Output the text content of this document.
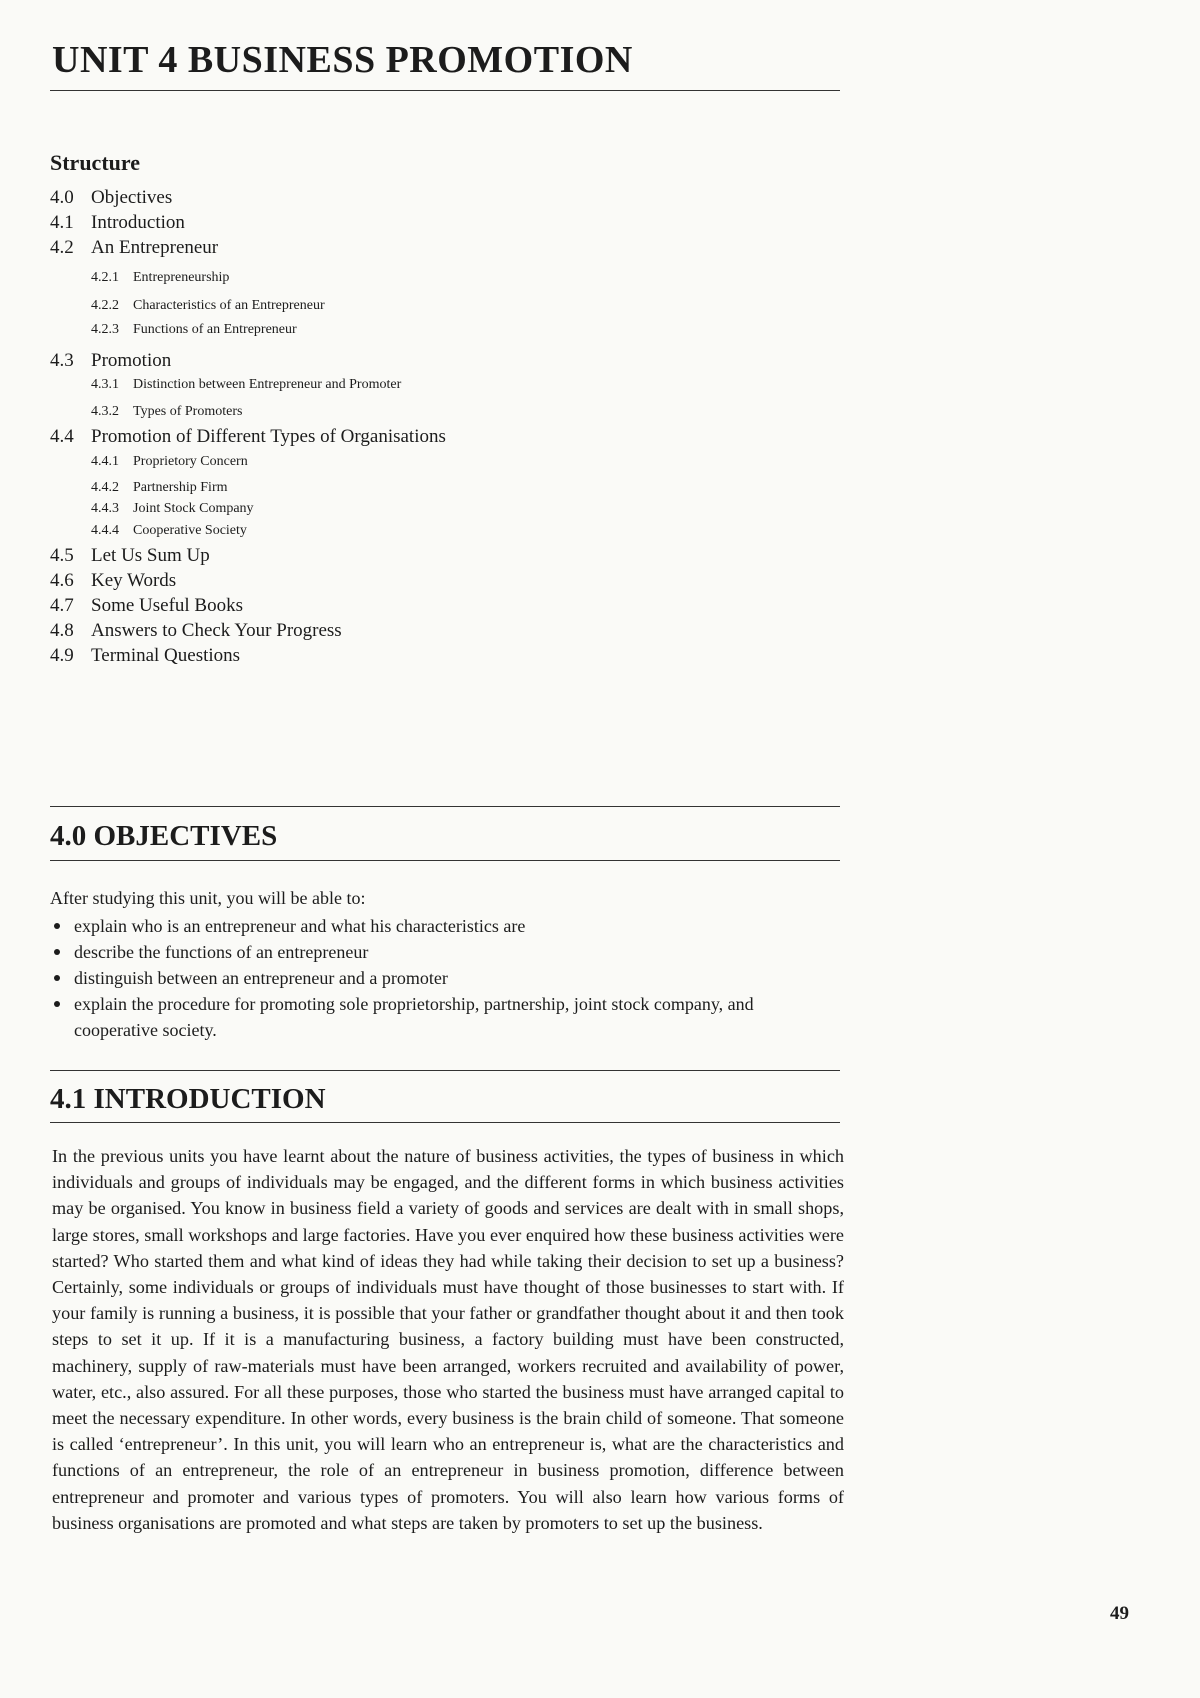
UNIT 4 BUSINESS PROMOTION
Structure
4.0 Objectives
4.1 Introduction
4.2 An Entrepreneur
4.2.1 Entrepreneurship
4.2.2 Characteristics of an Entrepreneur
4.2.3 Functions of an Entrepreneur
4.3 Promotion
4.3.1 Distinction between Entrepreneur and Promoter
4.3.2 Types of Promoters
4.4 Promotion of Different Types of Organisations
4.4.1 Proprietory Concern
4.4.2 Partnership Firm
4.4.3 Joint Stock Company
4.4.4 Cooperative Society
4.5 Let Us Sum Up
4.6 Key Words
4.7 Some Useful Books
4.8 Answers to Check Your Progress
4.9 Terminal Questions
4.0 OBJECTIVES

After studying this unit, you will be able to:

explain who is an entrepreneur and what his characteristics are
describe the functions of an entrepreneur
distinguish between an entrepreneur and a promoter
explain the procedure for promoting sole proprietorship, partnership, joint stock company, and cooperative society.
4.1 INTRODUCTION

In the previous units you have learnt about the nature of business activities, the types of business in which individuals and groups of individuals may be engaged, and the different forms in which business activities may be organised. You know in business field a variety of goods and services are dealt with in small shops, large stores, small workshops and large factories. Have you ever enquired how these business activities were started? Who started them and what kind of ideas they had while taking their decision to set up a business? Certainly, some individuals or groups of individuals must have thought of those businesses to start with. If your family is running a business, it is possible that your father or grandfather thought about it and then took steps to set it up. If it is a manufacturing business, a factory building must have been constructed, machinery, supply of raw-materials must have been arranged, workers recruited and availability of power, water, etc., also assured. For all these purposes, those who started the business must have arranged capital to meet the necessary expenditure. In other words, every business is the brain child of someone. That someone is called ‘entrepreneur’. In this unit, you will learn who an entrepreneur is, what are the characteristics and functions of an entrepreneur, the role of an entrepreneur in business promotion, difference between entrepreneur and promoter and various types of promoters. You will also learn how various forms of business organisations are promoted and what steps are taken by promoters to set up the business.

49
